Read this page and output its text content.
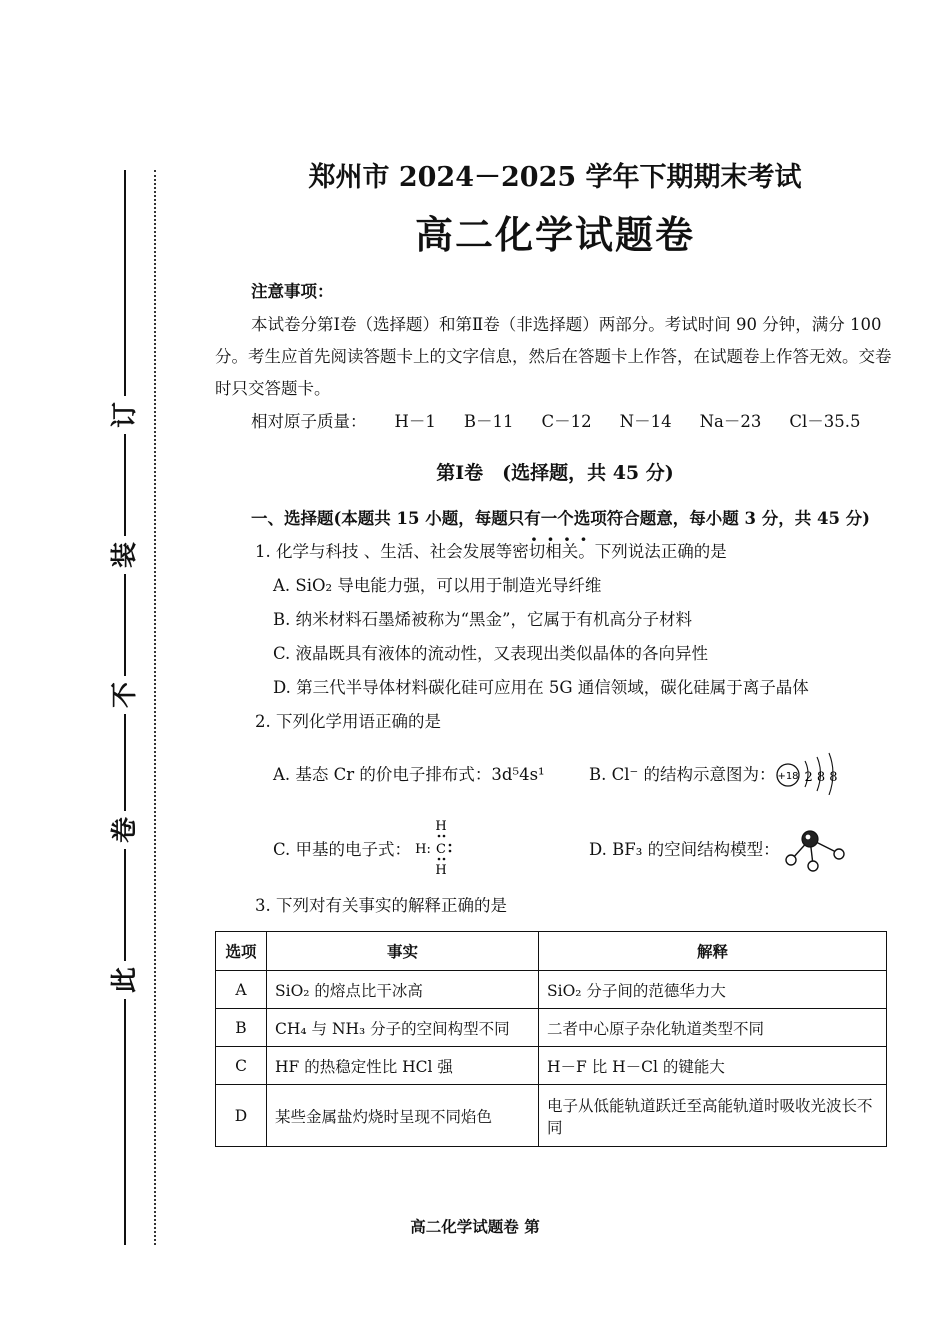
此
卷
不
装
订
郑州市 2024－2025 学年下期期末考试
高二化学试题卷
注意事项：

本试卷分第Ⅰ卷（选择题）和第Ⅱ卷（非选择题）两部分。考试时间 90 分钟，满分 100 分。考生应首先阅读答题卡上的文字信息，然后在答题卡上作答，在试题卷上作答无效。交卷时只交答题卡。

相对原子质量： H－1 B－11 C－12 N－14 Na－23 Cl－35.5
第Ⅰ卷　(选择题，共 45 分)

一、选择题(本题共 15 小题，每题只有一个选项符合题意，每小题 3 分，共 45 分)

1. 化学与科技 、生活、社会发展等密切相关。下列说法正确的是
A. SiO₂ 导电能力强，可以用于制造光导纤维
B. 纳米材料石墨烯被称为“黑金”，它属于有机高分子材料
C. 液晶既具有液体的流动性，又表现出类似晶体的各向异性
D. 第三代半导体材料碳化硅可应用在 5G 通信领域，碳化硅属于离子晶体
2. 下列化学用语正确的是
A. 基态 Cr 的价电子排布式：3d⁵4s¹	B. Cl⁻ 的结构示意图为： +18 2 8 8
C. 甲基的电子式：
H
H: C
H
D. BF₃ 的空间结构模型：
3. 下列对有关事实的解释正确的是
选项	事实	解释
A	SiO₂ 的熔点比干冰高	SiO₂ 分子间的范德华力大
B	CH₄ 与 NH₃ 分子的空间构型不同	二者中心原子杂化轨道类型不同
C	HF 的热稳定性比 HCl 强	H－F 比 H－Cl 的键能大
D	某些金属盐灼烧时呈现不同焰色	电子从低能轨道跃迁至高能轨道时吸收光波长不同
高二化学试题卷 第
